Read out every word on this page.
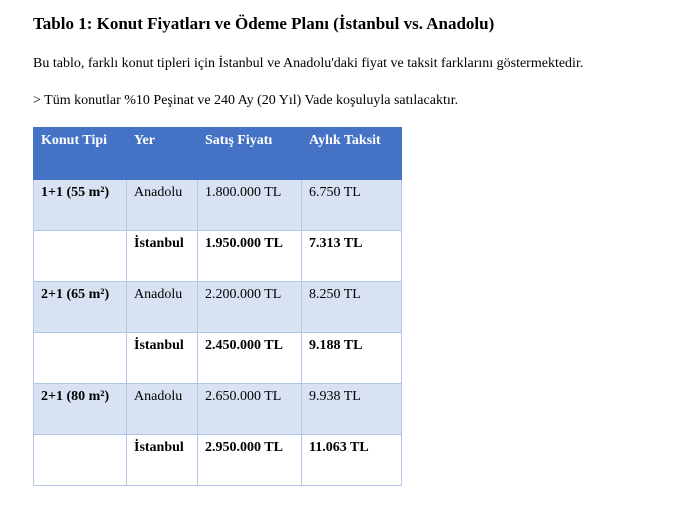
Tablo 1: Konut Fiyatları ve Ödeme Planı (İstanbul vs. Anadolu)

Bu tablo, farklı konut tipleri için İstanbul ve Anadolu'daki fiyat ve taksit farklarını göstermektedir.

> Tüm konutlar %10 Peşinat ve 240 Ay (20 Yıl) Vade koşuluyla satılacaktır.

Konut Tipi	Yer	Satış Fiyatı	Aylık Taksit
1+1 (55 m²)	Anadolu	1.800.000 TL	6.750 TL
	İstanbul	1.950.000 TL	7.313 TL
2+1 (65 m²)	Anadolu	2.200.000 TL	8.250 TL
	İstanbul	2.450.000 TL	9.188 TL
2+1 (80 m²)	Anadolu	2.650.000 TL	9.938 TL
	İstanbul	2.950.000 TL	11.063 TL
